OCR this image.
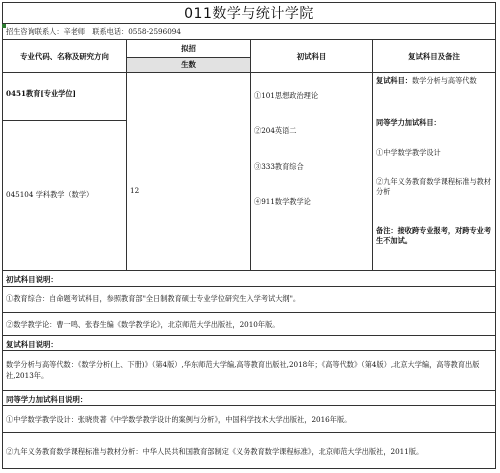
011数学与统计学院
招生咨询联系人：辛老师　联系电话：0558-2596094
专业代码、名称及研究方向
拟招
生数
初试科目	复试科目及备注
0451教育[专业学位]
045104 学科教学（数学）	12
①101思想政治理论
②204英语二
③333教育综合
④911数学教学论
复试科目：数学分析与高等代数
同等学力加试科目：
①中学数学教学设计
②九年义务教育数学课程标准与教材分析
备注：接收跨专业报考，对跨专业考生不加试。
初试科目说明：
①教育综合：自命题考试科目，参照教育部"全日制教育硕士专业学位研究生入学考试大纲"。
②数学教学论：曹一鸣、张春生编《数学教学论》，北京师范大学出版社，2010年版。
复试科目说明：
数学分析与高等代数：《数学分析(上、下册)》（第4版）,华东师范大学编,高等教育出版社,2018年；《高等代数》（第4版）,北京大学编，高等教育出版社,2013年。
同等学力加试科目说明：
①中学数学教学设计：张晓贵著《中学数学教学设计的案例与分析》，中国科学技术大学出版社，2016年版。
②九年义务教育数学课程标准与教材分析：中华人民共和国教育部制定《义务教育数学课程标准》，北京师范大学出版社，2011版。
